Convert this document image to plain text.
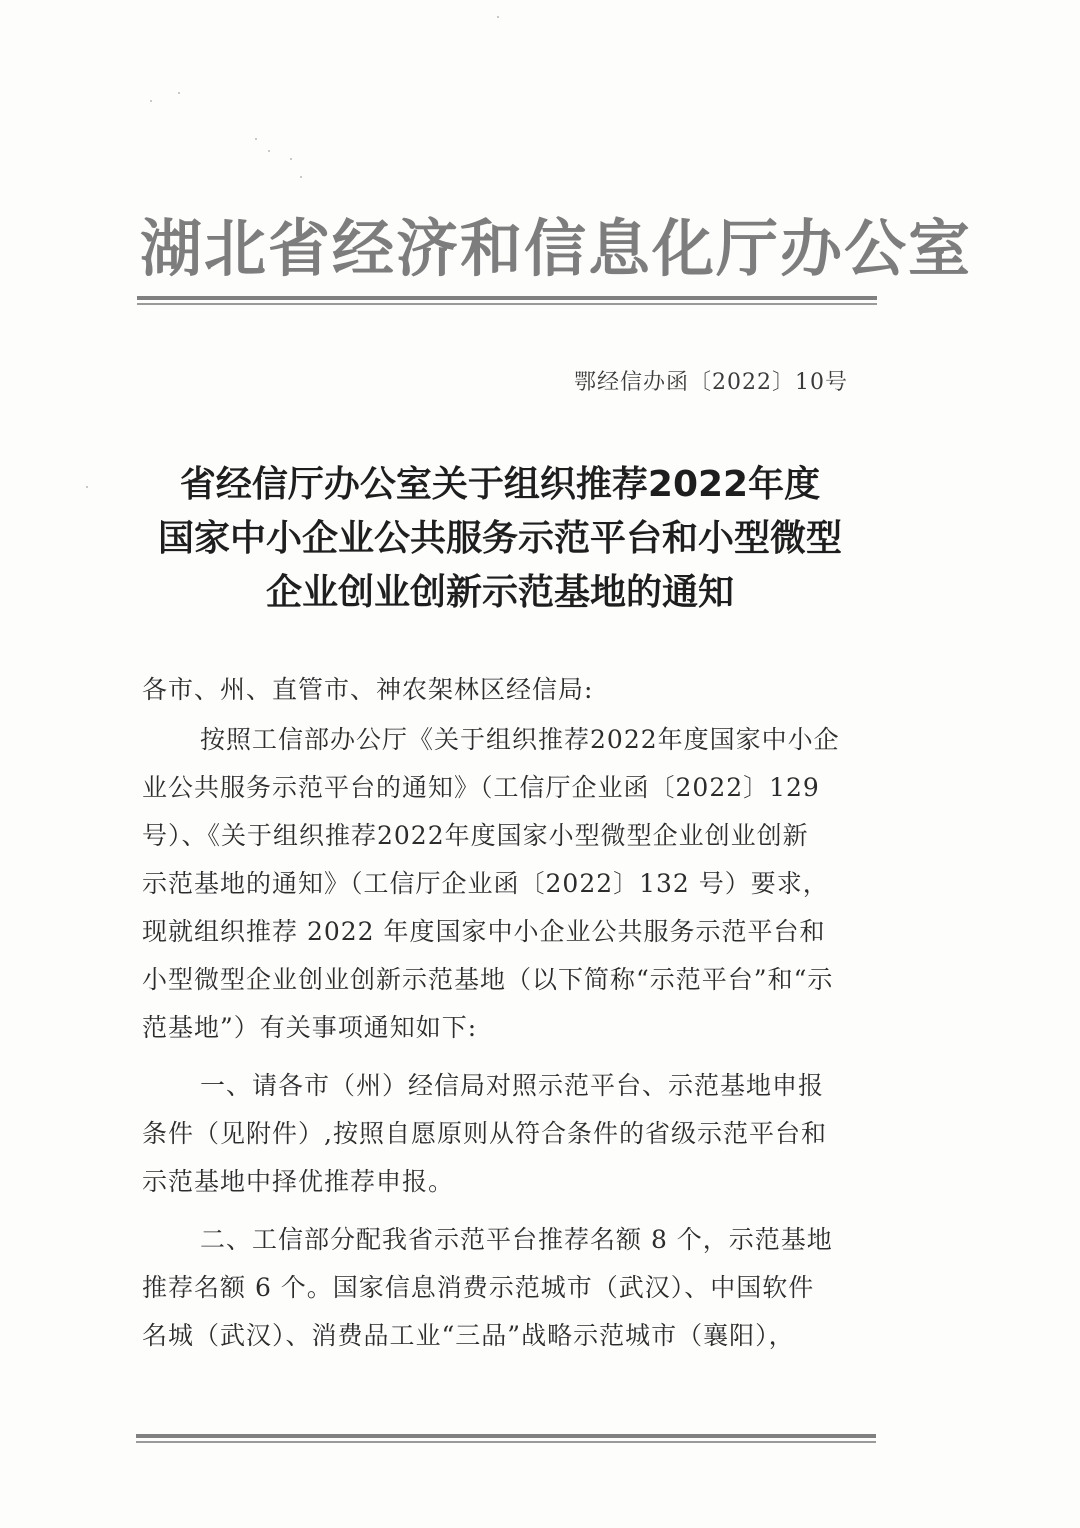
湖北省经济和信息化厅办公室
鄂经信办函〔2022〕10号
省经信厅办公室关于组织推荐2022年度
国家中小企业公共服务示范平台和小型微型
企业创业创新示范基地的通知
各市、州、直管市、神农架林区经信局:
按照工信部办公厅《关于组织推荐2022年度国家中小企
业公共服务示范平台的通知》（工信厅企业函〔2022〕129
号）、《关于组织推荐2022年度国家小型微型企业创业创新
示范基地的通知》（工信厅企业函〔2022〕132 号）要求，
现就组织推荐 2022 年度国家中小企业公共服务示范平台和
小型微型企业创业创新示范基地（以下简称“示范平台”和“示
范基地”）有关事项通知如下:
一、请各市（州）经信局对照示范平台、示范基地申报
条件（见附件）,按照自愿原则从符合条件的省级示范平台和
示范基地中择优推荐申报。
二、工信部分配我省示范平台推荐名额 8 个，示范基地
推荐名额 6 个。国家信息消费示范城市（武汉）、中国软件
名城（武汉）、消费品工业“三品”战略示范城市（襄阳），
